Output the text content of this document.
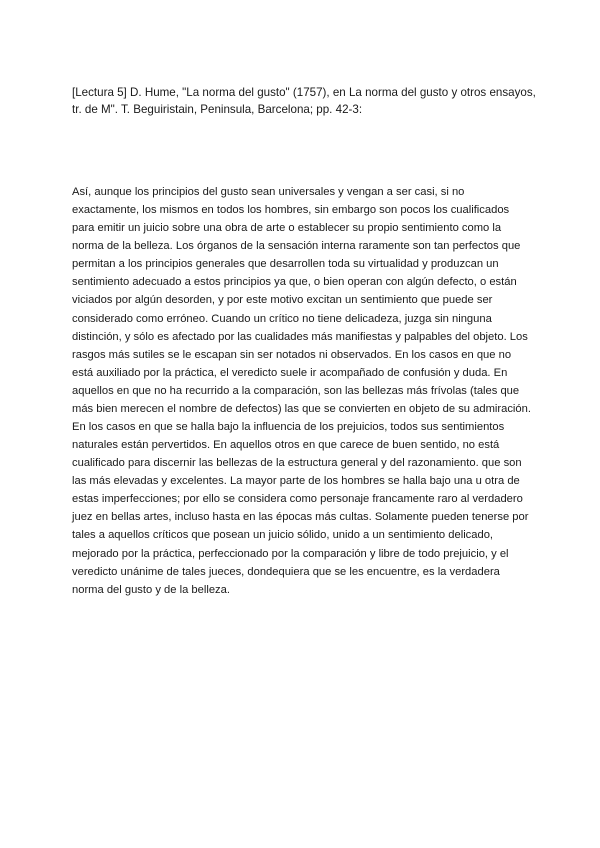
[Lectura 5] D. Hume, "La norma del gusto" (1757), en La norma del gusto y otros ensayos,
tr. de M". T. Beguiristain, Peninsula, Barcelona; pp. 42-3:

Así, aunque los principios del gusto sean universales y vengan a ser casi, si no
exactamente, los mismos en todos los hombres, sin embargo son pocos los cualificados
para emitir un juicio sobre una obra de arte o establecer su propio sentimiento como la
norma de la belleza. Los órganos de la sensación interna raramente son tan perfectos que
permitan a los principios generales que desarrollen toda su virtualidad y produzcan un
sentimiento adecuado a estos principios ya que, o bien operan con algún defecto, o están
viciados por algún desorden, y por este motivo excitan un sentimiento que puede ser
considerado como erróneo. Cuando un crítico no tiene delicadeza, juzga sin ninguna
distinción, y sólo es afectado por las cualidades más manifiestas y palpables del objeto. Los
rasgos más sutiles se le escapan sin ser notados ni observados. En los casos en que no
está auxiliado por la práctica, el veredicto suele ir acompañado de confusión y duda. En
aquellos en que no ha recurrido a la comparación, son las bellezas más frívolas (tales que
más bien merecen el nombre de defectos) las que se convierten en objeto de su admiración.
En los casos en que se halla bajo la influencia de los prejuicios, todos sus sentimientos
naturales están pervertidos. En aquellos otros en que carece de buen sentido, no está
cualificado para discernir las bellezas de la estructura general y del razonamiento. que son
las más elevadas y excelentes. La mayor parte de los hombres se halla bajo una u otra de
estas imperfecciones; por ello se considera como personaje francamente raro al verdadero
juez en bellas artes, incluso hasta en las épocas más cultas. Solamente pueden tenerse por
tales a aquellos críticos que posean un juicio sólido, unido a un sentimiento delicado,
mejorado por la práctica, perfeccionado por la comparación y libre de todo prejuicio, y el
veredicto unánime de tales jueces, dondequiera que se les encuentre, es la verdadera
norma del gusto y de la belleza.
